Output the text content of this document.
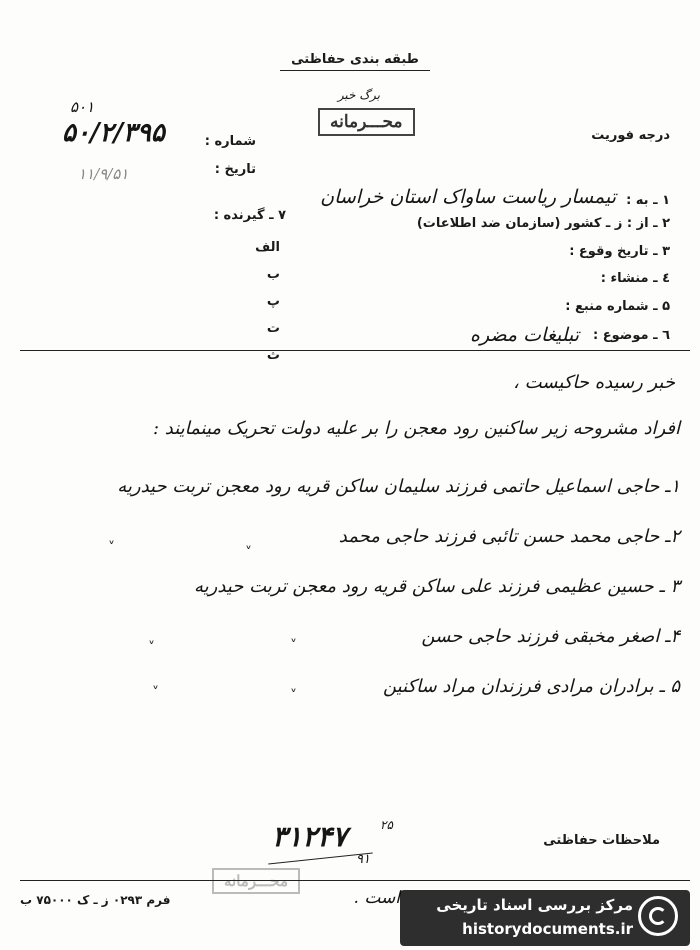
طبقه بندی حفاظتی
برگ خبر
محـــرمانه
درجه فوریت
۵۰۱
۵۰/۲/۳۹۵	شماره :
۱۱/۹/۵۱	تاریخ :
۱ ـ به :
تیمسار ریاست ساواک استان خراسان
۲ ـ از : ز ـ کشور (سازمان ضد اطلاعات)
۳ ـ تاریخ وقوع :
٤ ـ منشاء :
۵ ـ شماره منبع :
٦ ـ موضوع :
تبلیغات مضره
۷ ـ گیرنده :
الف
ب
پ
ت
ث
خبر رسیده حاکیست ،
افراد مشروحه زیر ساکنین رود معجن را بر علیه دولت تحریک مینمایند :
۱ـ حاجی اسماعیل حاتمی فرزند سلیمان ساکن قریه رود معجن تربت حیدریه
۲ـ حاجی محمد حسن تائبی فرزند حاجی محمد
۳ ـ حسین عظیمی فرزند علی ساکن قریه رود معجن تربت حیدریه
۴ـ اصغر مخبقی فرزند حاجی حسن
۵ ـ برادران مرادی فرزندان مراد ساکنین
˅	˅
˅	˅
˅	˅
۳۱۲۴۷	۲۵
۹۱
ملاحظات حفاظتی
محـــرمانه
فرم ۰۲۹۳ ز ـ ک ۷۵۰۰۰ ب	است .	مرکز بررسی اسناد تاریخی
historydocuments.ir
